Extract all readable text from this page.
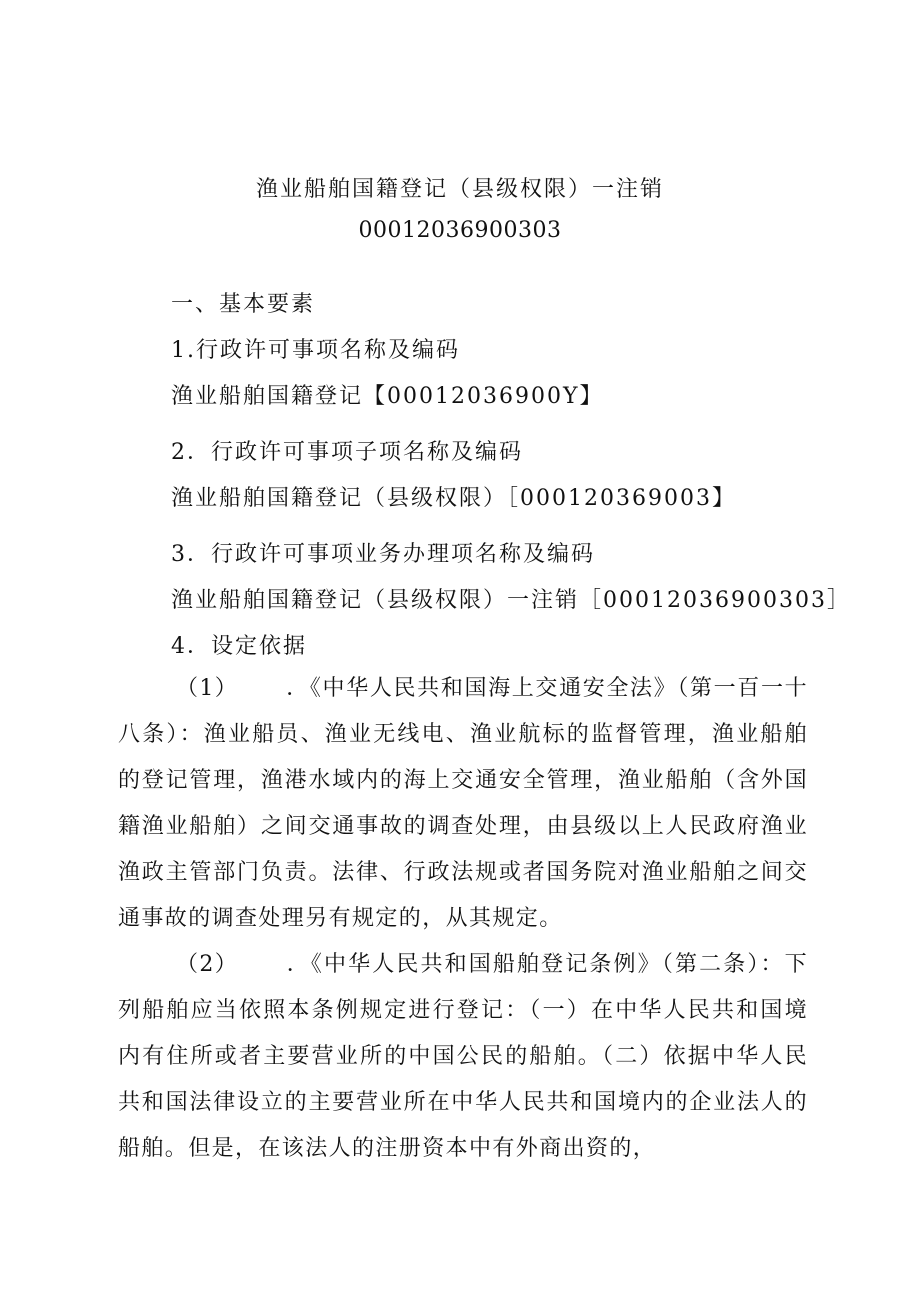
渔业船舶国籍登记（县级权限）一注销
00012036900303
一、基本要素
1.行政许可事项名称及编码
渔业船舶国籍登记【00012036900Y】
2．行政许可事项子项名称及编码
渔业船舶国籍登记（县级权限）［000120369003】
3．行政许可事项业务办理项名称及编码
渔业船舶国籍登记（县级权限）一注销［00012036900303］
4．设定依据
（1） ．《中华人民共和国海上交通安全法》（第一百一十八条）：渔业船员、渔业无线电、渔业航标的监督管理，渔业船舶的登记管理，渔港水域内的海上交通安全管理，渔业船舶（含外国籍渔业船舶）之间交通事故的调查处理，由县级以上人民政府渔业渔政主管部门负责。法律、行政法规或者国务院对渔业船舶之间交通事故的调查处理另有规定的，从其规定。
（2） ．《中华人民共和国船舶登记条例》（第二条）：下列船舶应当依照本条例规定进行登记：（一）在中华人民共和国境内有住所或者主要营业所的中国公民的船舶。（二）依据中华人民共和国法律设立的主要营业所在中华人民共和国境内的企业法人的船舶。但是，在该法人的注册资本中有外商出资的，
